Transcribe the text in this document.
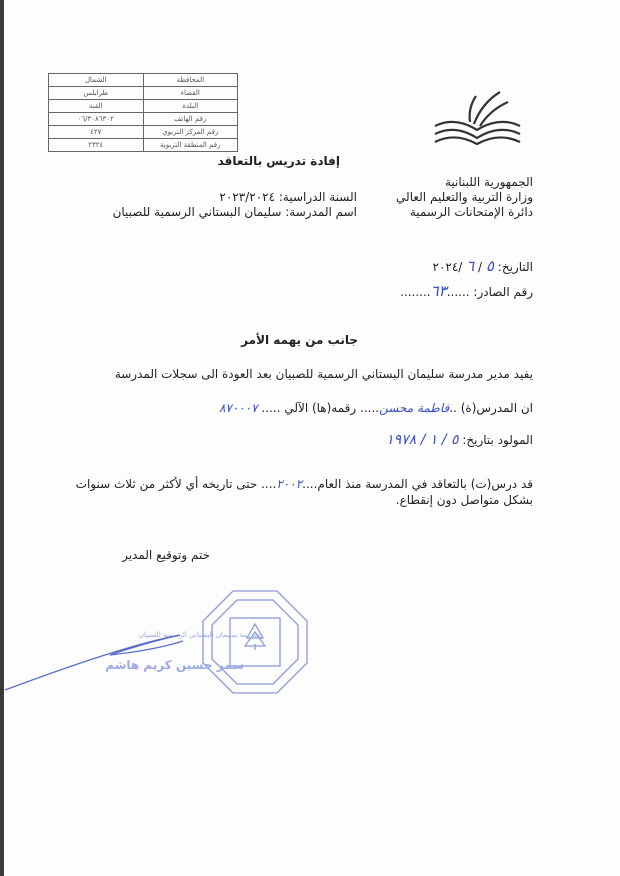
المحافظة	الشمال
القضاء	طرابلس
البلدة	القبة
رقم الهاتف	٠٦/٣٠٨٦٣٠٢
رقم المركز التربوي	٤٢٧
رقم المنطقة التربوية	٢٣٢٤
إفادة تدريس بالتعاقد
الجمهورية اللبنانية
وزارة التربية والتعليم العالي
دائرة الإمتحانات الرسمية
السنة الدراسية: ٢٠٢٣/٢٠٢٤
اسم المدرسة: سليمان البستاني الرسمية للصبيان
التاريخ: ٥ / ٦ /٢٠٢٤
رقم الصادر: ......٦٣........
جانب من يهمه الأمر
يفيد مدير مدرسة سليمان البستاني الرسمية للصبيان بعد العودة الى سجلات المدرسة
ان المدرس(ة) ..فاطمة محسن..... رقمه(ها) الآلي ..... ٨٧٠٠٠٧
المولود بتاريخ: ٥ / ١ / ١٩٧٨
قد درس(ت) بالتعاقد في المدرسة منذ العام....٢٠٠٢.... حتى تاريخه أي لأكثر من ثلاث سنوات
بشكل متواصل دون إنقطاع.
ختم وتوقيع المدير
مدرسة سليمان البستاني الرسمية للصبيان
سمر حسين كريم هاشم
